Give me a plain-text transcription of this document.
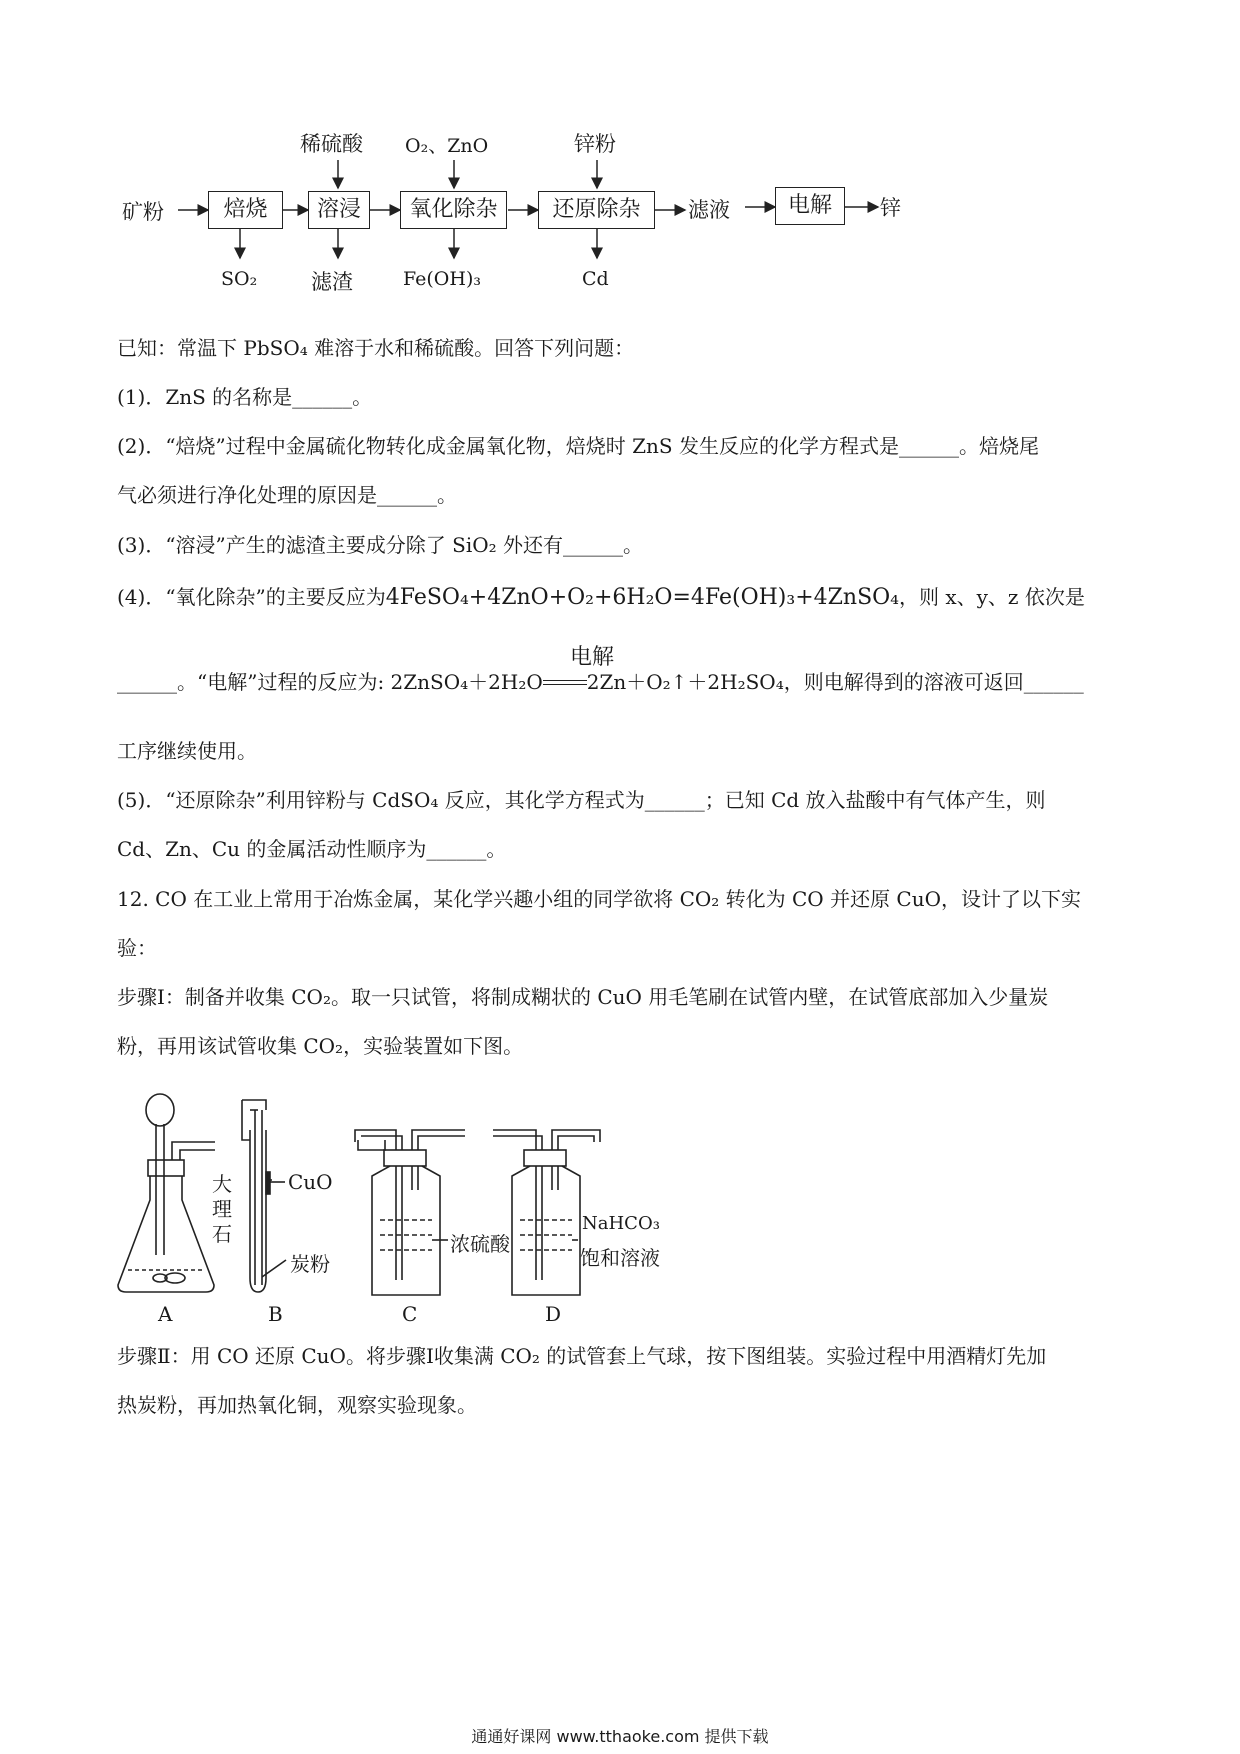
矿粉	焙烧	溶浸	氧化除杂	还原除杂	滤液	电解	锌
稀硫酸 O₂、ZnO	锌粉
SO₂	滤渣	Fe(OH)₃	Cd
已知：常温下 PbSO₄ 难溶于水和稀硫酸。回答下列问题：
(1)．ZnS 的名称是______。
(2)．“焙烧”过程中金属硫化物转化成金属氧化物，焙烧时 ZnS 发生反应的化学方程式是______。焙烧尾
气必须进行净化处理的原因是______。
(3)．“溶浸”产生的滤渣主要成分除了 SiO₂ 外还有______。
(4)．“氧化除杂”的主要反应为4FeSO₄+4ZnO+O₂+6H₂O=4Fe(OH)₃+4ZnSO₄，则 x、y、z 依次是
电解
______。“电解”过程的反应为: 2ZnSO₄＋2H₂O 2Zn＋O₂↑＋2H₂SO₄，则电解得到的溶液可返回______
工序继续使用。
(5)．“还原除杂”利用锌粉与 CdSO₄ 反应，其化学方程式为______；已知 Cd 放入盐酸中有气体产生，则
Cd、Zn、Cu 的金属活动性顺序为______。
12. CO 在工业上常用于冶炼金属，某化学兴趣小组的同学欲将 CO₂ 转化为 CO 并还原 CuO，设计了以下实
验：
步骤Ⅰ：制备并收集 CO₂。取一只试管，将制成糊状的 CuO 用毛笔刷在试管内壁，在试管底部加入少量炭
粉，再用该试管收集 CO₂，实验装置如下图。
大
理
石
CuO
炭粉
浓硫酸
NaHCO₃
饱和溶液
A	B	C	D
步骤Ⅱ：用 CO 还原 CuO。将步骤Ⅰ收集满 CO₂ 的试管套上气球，按下图组装。实验过程中用酒精灯先加
热炭粉，再加热氧化铜，观察实验现象。
通通好课网 www.tthaoke.com 提供下载
